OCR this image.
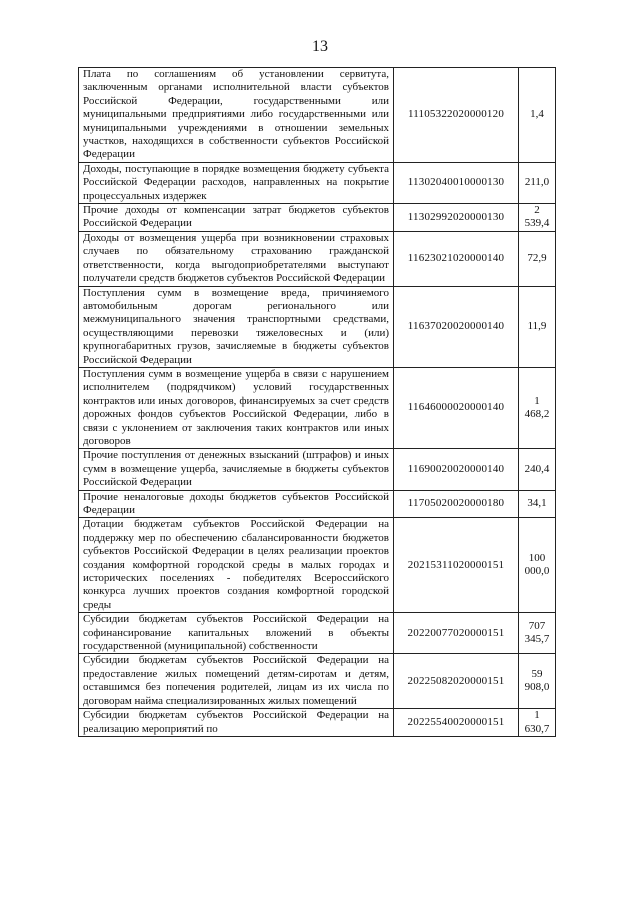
13
Плата по соглашениям об установлении сервитута, заключенным органами исполнительной власти субъектов Российской Федерации, государственными или муниципальными предприятиями либо государственными или муниципальными учреждениями в отношении земельных участков, находящихся в собственности субъектов Российской Федерации	11105322020000120	1,4
Доходы, поступающие в порядке возмещения бюджету субъекта Российской Федерации расходов, направленных на покрытие процессуальных издержек	11302040010000130	211,0
Прочие доходы от компенсации затрат бюджетов субъектов Российской Федерации	11302992020000130	2 539,4
Доходы от возмещения ущерба при возникновении страховых случаев по обязательному страхованию гражданской ответственности, когда выгодоприобретателями выступают получатели средств бюджетов субъектов Российской Федерации	11623021020000140	72,9
Поступления сумм в возмещение вреда, причиняемого автомобильным дорогам регионального или межмуниципального значения транспортными средствами, осуществляющими перевозки тяжеловесных и (или) крупногабаритных грузов, зачисляемые в бюджеты субъектов Российской Федерации	11637020020000140	11,9
Поступления сумм в возмещение ущерба в связи с нарушением исполнителем (подрядчиком) условий государственных контрактов или иных договоров, финансируемых за счет средств дорожных фондов субъектов Российской Федерации, либо в связи с уклонением от заключения таких контрактов или иных договоров	11646000020000140	1 468,2
Прочие поступления от денежных взысканий (штрафов) и иных сумм в возмещение ущерба, зачисляемые в бюджеты субъектов Российской Федерации	11690020020000140	240,4
Прочие неналоговые доходы бюджетов субъектов Российской Федерации	11705020020000180	34,1
Дотации бюджетам субъектов Российской Федерации на поддержку мер по обеспечению сбалансированности бюджетов субъектов Российской Федерации в целях реализации проектов создания комфортной городской среды в малых городах и исторических поселениях - победителях Всероссийского конкурса лучших проектов создания комфортной городской среды	20215311020000151	100 000,0
Субсидии бюджетам субъектов Российской Федерации на софинансирование капитальных вложений в объекты государственной (муниципальной) собственности	20220077020000151	707 345,7
Субсидии бюджетам субъектов Российской Федерации на предоставление жилых помещений детям-сиротам и детям, оставшимся без попечения родителей, лицам из их числа по договорам найма специализированных жилых помещений	20225082020000151	59 908,0
Субсидии бюджетам субъектов Российской Федерации на реализацию мероприятий по	20225540020000151	1 630,7
